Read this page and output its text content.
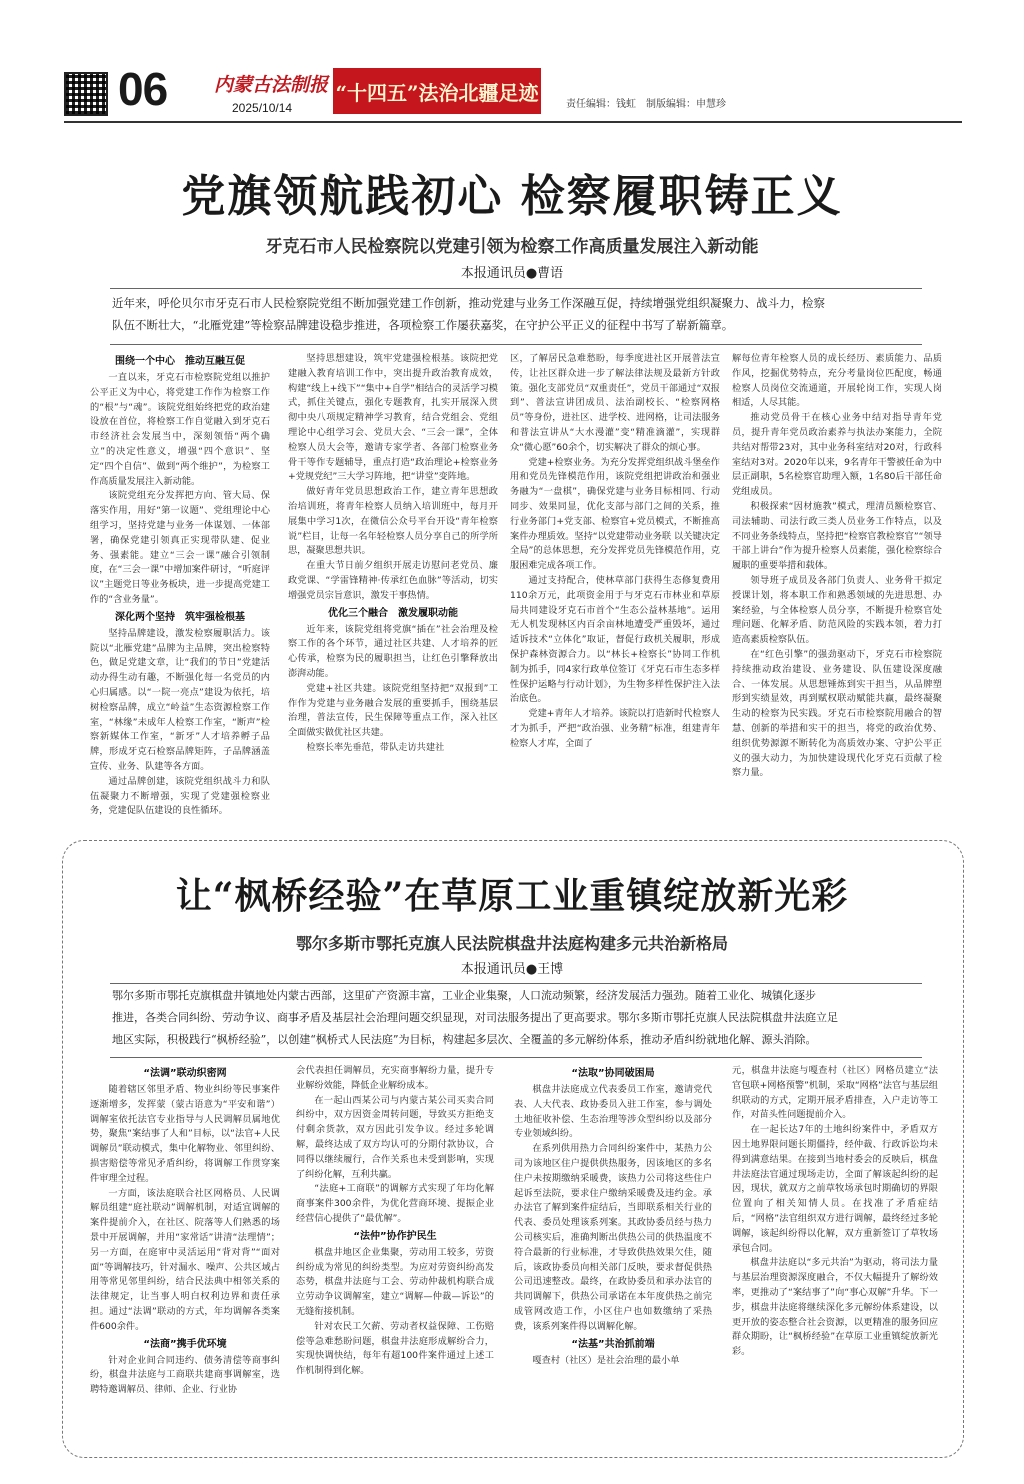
06 内蒙古法制报
2025/10/14
“十四五”法治北疆足迹	责任编辑：钱虹　制版编辑：申慧珍
党旗领航践初心 检察履职铸正义
牙克石市人民检察院以党建引领为检察工作高质量发展注入新动能
本报通讯员●曹语
近年来，呼伦贝尔市牙克石市人民检察院党组不断加强党建工作创新，推动党建与业务工作深融互促，持续增强党组织凝聚力、战斗力，检察
队伍不断壮大，“北雁党建”等检察品牌建设稳步推进，各项检察工作屡获嘉奖，在守护公平正义的征程中书写了崭新篇章。
围绕一个中心　推动互融互促

一直以来，牙克石市检察院党组以推护公平正义为中心，将党建工作作为检察工作的“根”与“魂”。该院党组始终把党的政治建设放在首位，将检察工作自觉融入到牙克石市经济社会发展当中，深刻领悟“两个确立”的决定性意义，增强“四个意识”、坚定“四个自信”、做到“两个维护”，为检察工作高质量发展注入新动能。

该院党组充分发挥把方向、管大局、保落实作用，用好“第一议题”、党组理论中心组学习，坚持党建与业务一体谋划、一体部署，确保党建引领真正实现带队建、促业务、强素能。建立“三会一课”融合引领制度，在“三会一课”中增加案件研讨，“听庭评议”主题党日等业务板块，进一步提高党建工作的“含业务量”。

深化两个坚持　筑牢强检根基

坚持品牌建设，激发检察履职活力。该院以“北雁党建”品牌为主品牌，突出检察特色，做足党建文章，让“我们的节日”党建活动办得生动有趣，不断强化每一名党员的内心归属感。以“一院一亮点”建设为依托，培树检察品牌，成立“岭益”生态资源检察工作室，“林缘”未成年人检察工作室，“断声”检察新媒体工作室，“新牙”人才培养孵子品牌，形成牙克石检察品牌矩阵，子品牌涵盖宣传、业务、队建等各方面。

通过品牌创建，该院党组织战斗力和队伍凝聚力不断增强，实现了党建强检察业务，党建促队伍建设的良性循环。

坚持思想建设，筑牢党建强检根基。该院把党建融入教育培训工作中，突出提升政治教育成效，构建“线上+线下”“集中+自学”相结合的灵活学习模式，抓住关键点，强化专题教育，扎实开展深入贯彻中央八项规定精神学习教育，结合党组会、党组理论中心组学习会、党员大会、“三会一课”，全体检察人员大会等，邀请专家学者、各部门检察业务骨干等作专题辅导，重点打造“政治理论+检察业务+党规党纪”三大学习阵地，把“讲堂”变阵地。

做好青年党员思想政治工作，建立青年思想政治培训班，将青年检察人员纳入培训班中，每月开展集中学习1次，在微信公众号平台开设“青年检察说”栏目，让每一名年轻检察人员分享自己的所学所思，凝聚思想共识。

在重大节日前夕组织开展走访慰问老党员、廉政党课、“学雷锋精神·传承红色血脉”等活动，切实增强党员宗旨意识，激发干事热情。

优化三个融合　激发履职动能

近年来，该院党组将党旗“插在”社会治理及检察工作的各个环节，通过社区共建、人才培养的匠心传承，检察为民的履职担当，让红色引擎释放出澎湃动能。

党建+社区共建。该院党组坚持把“双报到”工作作为党建与业务融合发展的重要抓手，围绕基层治理，普法宣传，民生保障等重点工作，深入社区全面做实做优社区共建。

检察长率先垂范，带队走访共建社

区，了解居民急难愁盼，每季度进社区开展普法宣传，让社区群众进一步了解法律法规及最新方针政策。强化支部党员“双重责任”，党员干部通过“双报到”、普法宣讲团成员、法治副校长、“检察网格员”等身份，进社区、进学校、进网格，让司法服务和普法宣讲从“大水漫灌”变“精准滴灌”，实现群众“微心愿”60余个，切实解决了群众的烦心事。

党建+检察业务。为充分发挥党组织战斗堡垒作用和党员先锋模范作用，该院党组把讲政治和强业务融为“一盘棋”，确保党建与业务目标相同、行动同步、效果同显，优化支部与部门之间的关系，推行业务部门+党支部、检察官+党员模式，不断推高案件办理质效。坚持“以党建带动业务联 以关键决定全局”的总体思想，充分发挥党员先锋模范作用，克服困难完成各项工作。

通过支持配合，使林草部门获得生态修复费用110余万元，此项资金用于与牙克石市林业和草原局共同建设牙克石市首个“生态公益林基地”。运用无人机发现林区内百余亩林地遭受严重毁坏，通过适诉技术“立体化”取证，督促行政机关履职，形成保护森林资源合力。以“林长+检察长”协同工作机制为抓手，同4家行政单位签订《牙克石市生态多样性保护运略与行动计划》，为生物多样性保护注入法治底色。

党建+青年人才培养。该院以打造新时代检察人才为抓手，严把“政治强、业务精”标准，组建青年检察人才库，全面了

解每位青年检察人员的成长经历、素质能力、品质作风，挖掘优势特点，充分考量岗位匹配度，畅通检察人员岗位交流通道，开展轮岗工作，实现人岗相适，人尽其能。

推动党员骨干在核心业务中结对指导青年党员，提升青年党员政治素养与执法办案能力，全院共结对帮带23对，其中业务科室结对20对，行政科室结对3对。2020年以来，9名青年干警被任命为中层正副职，5名检察官助理入额，1名80后干部任命党组成员。

积极探索“因材施教”模式，理清员额检察官、司法辅助、司法行政三类人员业务工作特点，以及不同业务条线特点，坚持把“检察官教检察官”“领导干部上讲台”作为提升检察人员素能，强化检察综合履职的重要举措和载体。

领导班子成员及各部门负责人、业务骨干拟定授课计划，将本职工作和熟悉领域的先进思想、办案经验，与全体检察人员分享，不断提升检察官处理问题、化解矛盾、防范风险的实践本领，着力打造高素质检察队伍。

在“红色引擎”的强劲驱动下，牙克石市检察院持续推动政治建设、业务建设、队伍建设深度融合、一体发展。从思想锤炼到实干担当，从品牌塑形到实绩显效，再到赋权联动赋能共赢，最终凝聚生动的检察为民实践。牙克石市检察院用融合的智慧、创新的举措和实干的担当，将党的政治优势、组织优势源源不断转化为高质效办案、守护公平正义的强大动力，为加快建设现代化牙克石贡献了检察力量。

让“枫桥经验”在草原工业重镇绽放新光彩
鄂尔多斯市鄂托克旗人民法院棋盘井法庭构建多元共治新格局
本报通讯员●王博
鄂尔多斯市鄂托克旗棋盘井镇地处内蒙古西部，这里矿产资源丰富，工业企业集聚，人口流动频繁，经济发展活力强劲。随着工业化、城镇化逐步
推进，各类合同纠纷、劳动争议、商事矛盾及基层社会治理问题交织显现，对司法服务提出了更高要求。鄂尔多斯市鄂托克旗人民法院棋盘井法庭立足
地区实际，积极践行“枫桥经验”，以创建“枫桥式人民法庭”为目标，构建起多层次、全覆盖的多元解纷体系，推动矛盾纠纷就地化解、源头消除。
“法调”联动织密网

随着辖区邻里矛盾、物业纠纷等民事案件逐渐增多，发挥蒙（蒙古语意为“平安和谐”）调解室依托法官专业指导与人民调解员属地优势，聚焦“案结事了人和”目标，以“法官+人民调解员”联动模式，集中化解物业、邻里纠纷、损害赔偿等常见矛盾纠纷，将调解工作贯穿案件审理全过程。

一方面，该法庭联合社区网格员、人民调解员组建“庭社联动”调解机制，对适宜调解的案件提前介入，在社区、院落等人们熟悉的场景中开展调解，并用“家常话”讲清“法理情”；另一方面，在庭审中灵活运用“背对背”“面对面”等调解技巧，针对漏水、噪声、公共区域占用等常见邻里纠纷，结合民法典中相邻关系的法律规定，让当事人明白权利边界和责任承担。通过“法调”联动的方式，年均调解各类案件600余件。

“法商”携手优环境

针对企业间合同违约、债务清偿等商事纠纷，棋盘井法庭与工商联共建商事调解室，选聘特邀调解员、律师、企业、行业协

会代表担任调解员，充实商事解纷力量，提升专业解纷效能，降低企业解纷成本。

在一起山西某公司与内蒙古某公司买卖合同纠纷中，双方因资金周转问题，导致买方拒绝支付剩余货款，双方因此引发争议。经过多轮调解，最终达成了双方均认可的分期付款协议，合同得以继续履行，合作关系也未受到影响，实现了纠纷化解，互利共赢。

“法庭+工商联”的调解方式实现了年均化解商事案件300余件，为优化营商环境、提振企业经营信心提供了“最优解”。

“法仲”协作护民生

棋盘井地区企业集聚，劳动用工较多，劳资纠纷成为常见的纠纷类型。为应对劳资纠纷高发态势，棋盘井法庭与工会、劳动仲裁机构联合成立劳动争议调解室，建立“调解—仲裁—诉讼”的无缝衔接机制。

针对农民工欠薪、劳动者权益保障、工伤赔偿等急难愁盼问题，棋盘井法庭形成解纷合力，实现快调快结，每年有超100件案件通过上述工作机制得到化解。

“法取”协同破困局

棋盘井法庭成立代表委员工作室，邀请党代表、人大代表、政协委员入驻工作室，参与调处土地征收补偿、生态治理等涉众型纠纷以及部分专业领域纠纷。

在系列供用热力合同纠纷案件中，某热力公司为该地区住户提供供热服务，因该地区的多名住户未按期缴纳采暖费，该热力公司将这些住户起诉至法院，要求住户缴纳采暖费及违约金。承办法官了解到案件症结后，当即联系相关行业的代表、委员处理该系列案。其政协委员经与热力公司核实后，准确判断出供热公司的供热温度不符合最新的行业标准，才导致供热效果欠佳，随后，该政协委员向相关部门反映，要求督促供热公司迅速整改。最终，在政协委员和承办法官的共同调解下，供热公司承诺在本年度供热之前完成管网改造工作，小区住户也如数缴纳了采热费，该系列案件得以调解化解。

“法基”共治抓前端

嘎查村（社区）是社会治理的最小单

元，棋盘井法庭与嘎查村（社区）网格员建立“法官包联+网格预警”机制，采取“网格”法官与基层组织联动的方式，定期开展矛盾排查，入户走访等工作，对苗头性问题提前介入。

在一起长达7年的土地纠纷案件中，矛盾双方因土地界限问题长期僵持，经仲裁、行政诉讼均未得到满意结果。在接到当地村委会的反映后，棋盘井法庭法官通过现场走访，全面了解该起纠纷的起因，现状，就双方之前草牧场承包时期确切的界限位置向了相关知情人员。在找准了矛盾症结后，“网格”法官组织双方进行调解，最终经过多轮调解，该起纠纷得以化解，双方重新签订了草牧场承包合同。

棋盘井法庭以“多元共治”为驱动，将司法力量与基层治理资源深度融合，不仅大幅提升了解纷效率，更推动了“案结事了”向“事心双解”升华。下一步，棋盘井法庭将继续深化多元解纷体系建设，以更开放的姿态整合社会资源，以更精准的服务回应群众期盼，让“枫桥经验”在草原工业重镇绽放新光彩。
